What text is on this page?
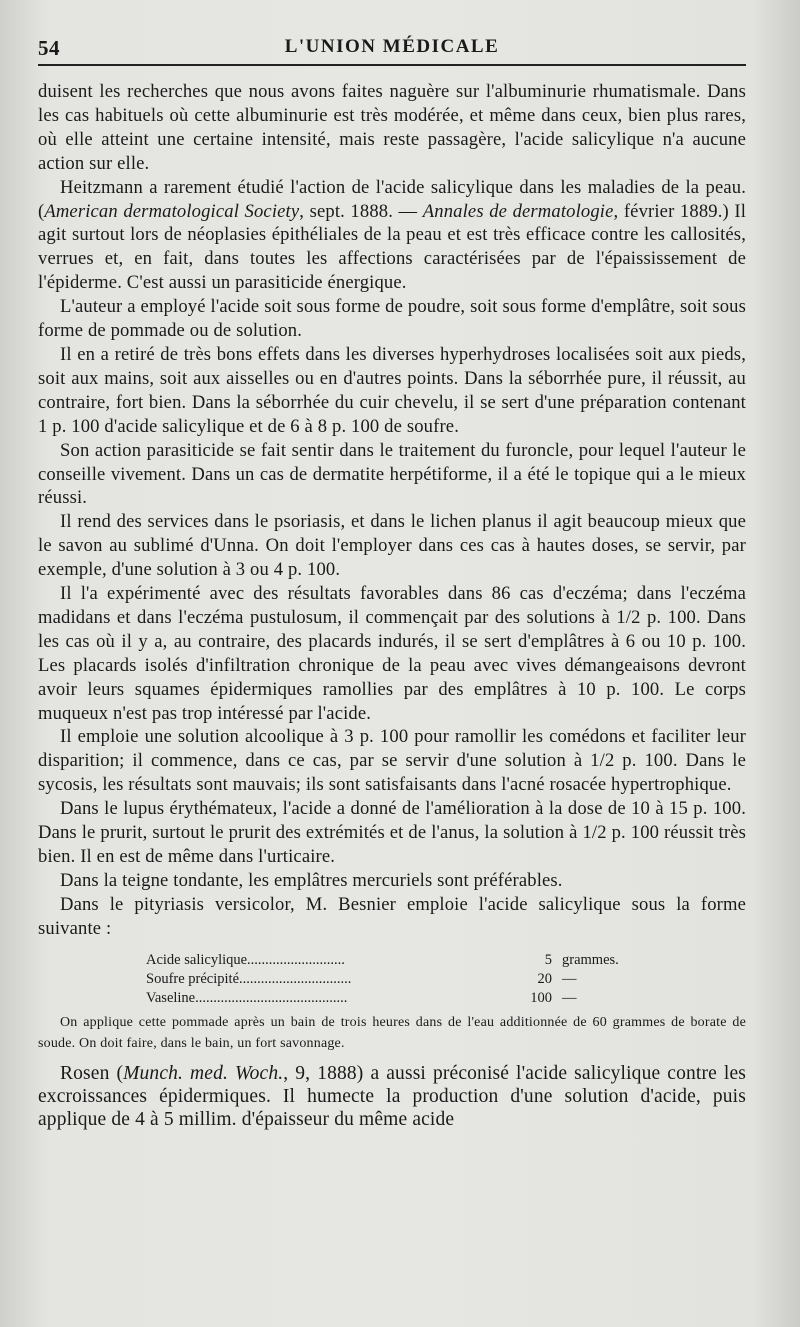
54	L'UNION MÉDICALE

duisent les recherches que nous avons faites naguère sur l'albuminurie rhumatismale. Dans les cas habituels où cette albuminurie est très modérée, et même dans ceux, bien plus rares, où elle atteint une certaine intensité, mais reste passagère, l'acide salicylique n'a aucune action sur elle.

Heitzmann a rarement étudié l'action de l'acide salicylique dans les maladies de la peau. (American dermatological Society, sept. 1888. — Annales de dermatologie, février 1889.) Il agit surtout lors de néoplasies épithéliales de la peau et est très efficace contre les callosités, verrues et, en fait, dans toutes les affections caractérisées par de l'épaississement de l'épiderme. C'est aussi un parasiticide énergique.

L'auteur a employé l'acide soit sous forme de poudre, soit sous forme d'emplâtre, soit sous forme de pommade ou de solution.

Il en a retiré de très bons effets dans les diverses hyperhydroses localisées soit aux pieds, soit aux mains, soit aux aisselles ou en d'autres points. Dans la séborrhée pure, il réussit, au contraire, fort bien. Dans la séborrhée du cuir chevelu, il se sert d'une préparation contenant 1 p. 100 d'acide salicylique et de 6 à 8 p. 100 de soufre.

Son action parasiticide se fait sentir dans le traitement du furoncle, pour lequel l'auteur le conseille vivement. Dans un cas de dermatite herpétiforme, il a été le topique qui a le mieux réussi.

Il rend des services dans le psoriasis, et dans le lichen planus il agit beaucoup mieux que le savon au sublimé d'Unna. On doit l'employer dans ces cas à hautes doses, se servir, par exemple, d'une solution à 3 ou 4 p. 100.

Il l'a expérimenté avec des résultats favorables dans 86 cas d'eczéma; dans l'eczéma madidans et dans l'eczéma pustulosum, il commençait par des solutions à 1/2 p. 100. Dans les cas où il y a, au contraire, des placards indurés, il se sert d'emplâtres à 6 ou 10 p. 100. Les placards isolés d'infiltration chronique de la peau avec vives démangeaisons devront avoir leurs squames épidermiques ramollies par des emplâtres à 10 p. 100. Le corps muqueux n'est pas trop intéressé par l'acide.

Il emploie une solution alcoolique à 3 p. 100 pour ramollir les comédons et faciliter leur disparition; il commence, dans ce cas, par se servir d'une solution à 1/2 p. 100. Dans le sycosis, les résultats sont mauvais; ils sont satisfaisants dans l'acné rosacée hypertrophique.

Dans le lupus érythémateux, l'acide a donné de l'amélioration à la dose de 10 à 15 p. 100. Dans le prurit, surtout le prurit des extrémités et de l'anus, la solution à 1/2 p. 100 réussit très bien. Il en est de même dans l'urticaire.

Dans la teigne tondante, les emplâtres mercuriels sont préférables.

Dans le pityriasis versicolor, M. Besnier emploie l'acide salicylique sous la forme suivante :

Acide salicylique...........................	5 grammes.
Soufre précipité...............................	20 —
Vaseline..........................................	100 —
On applique cette pommade après un bain de trois heures dans de l'eau additionnée de 60 grammes de borate de soude. On doit faire, dans le bain, un fort savonnage.

Rosen (Munch. med. Woch., 9, 1888) a aussi préconisé l'acide salicylique contre les excroissances épidermiques. Il humecte la production d'une solution d'acide, puis applique de 4 à 5 millim. d'épaisseur du même acide
